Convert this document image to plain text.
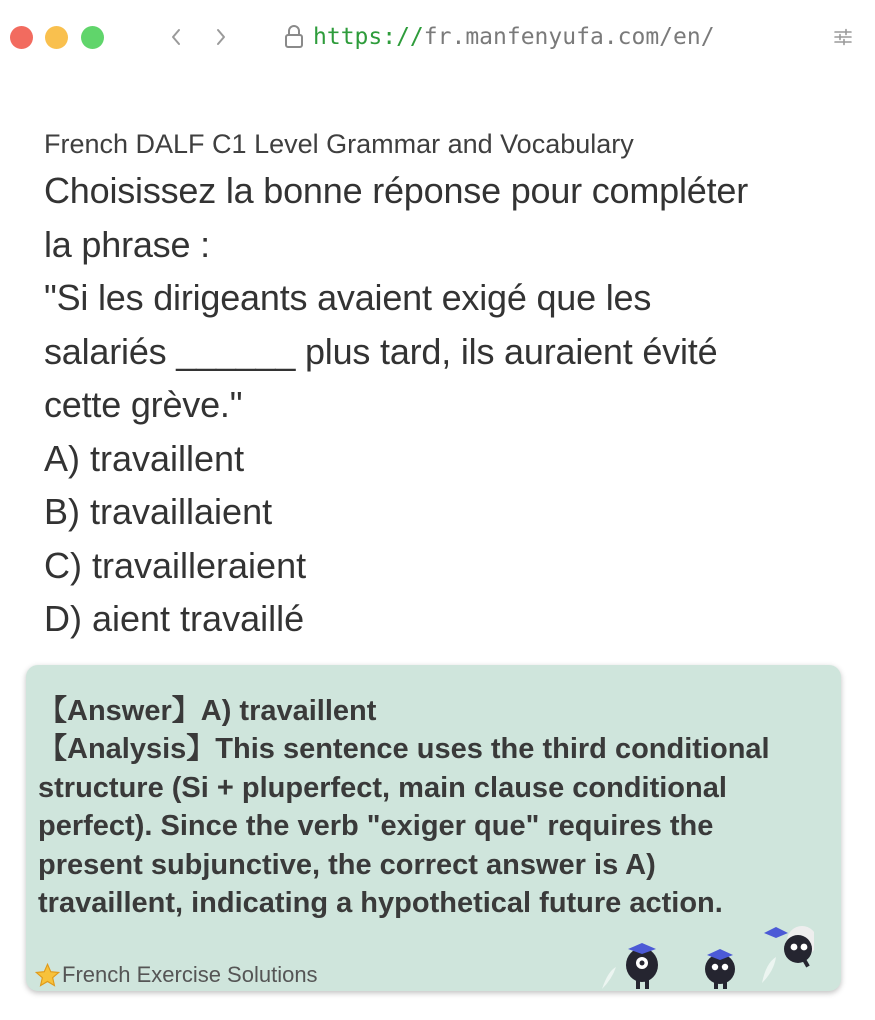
https://fr.manfenyufa.com/en/
French DALF C1 Level Grammar and Vocabulary
Choisissez la bonne réponse pour compléter
la phrase :
"Si les dirigeants avaient exigé que les
salariés ______ plus tard, ils auraient évité
cette grève."
A) travaillent
B) travaillaient
C) travailleraient
D) aient travaillé
【Answer】A) travaillent
【Analysis】This sentence uses the third conditional
structure (Si + pluperfect, main clause conditional
perfect). Since the verb "exiger que" requires the
present subjunctive, the correct answer is A)
travaillent, indicating a hypothetical future action.
French Exercise Solutions
